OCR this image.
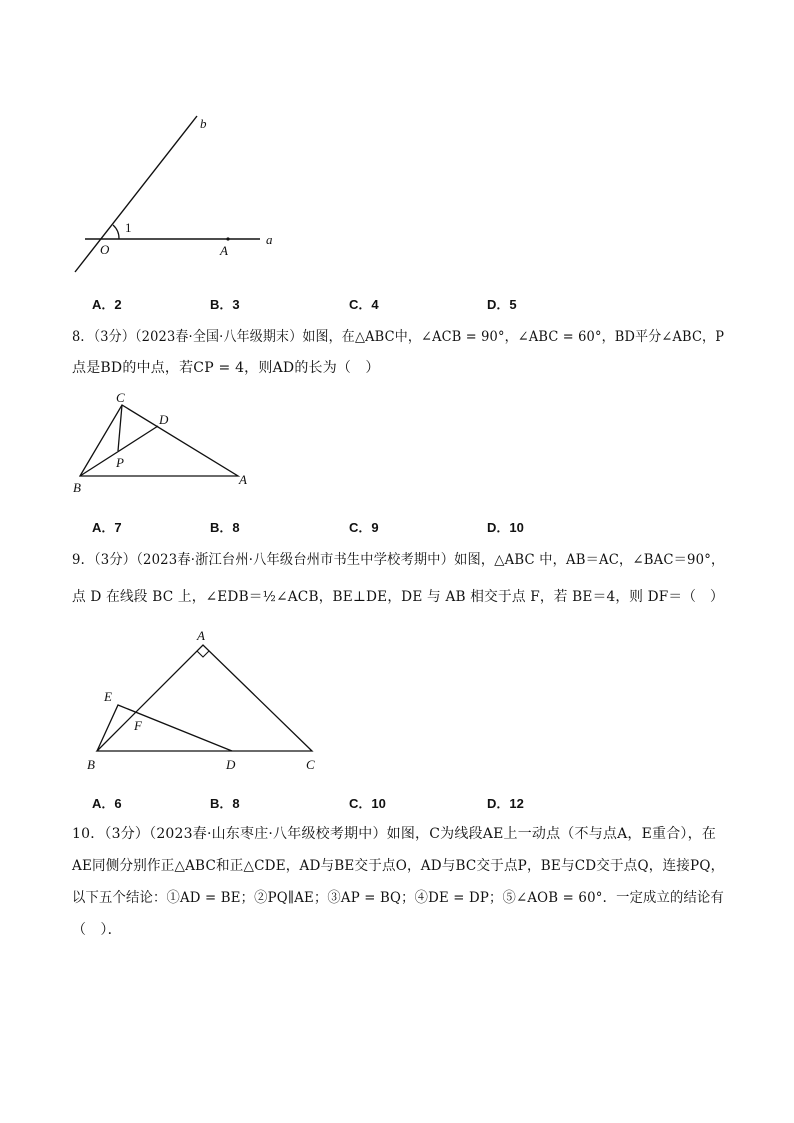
b
a
O	A
1
A．2	B．3	C．4	D．5
8．（3分）（2023春·全国·八年级期末）如图，在△ABC中，∠ACB = 90°，∠ABC = 60°，BD平分∠ABC，P
点是BD的中点，若CP = 4，则AD的长为（　）
C
D
P
B
A
A．7	B．8	C．9	D．10
9．（3分）（2023春·浙江台州·八年级台州市书生中学校考期中）如图，△ABC 中，AB＝AC，∠BAC＝90°，
点 D 在线段 BC 上，∠EDB＝½∠ACB，BE⊥DE，DE 与 AB 相交于点 F，若 BE＝4，则 DF＝（　）
A
E
F
B	D	C
A．6	B．8	C．10	D．12
10．（3分）（2023春·山东枣庄·八年级校考期中）如图，C为线段AE上一动点（不与点A，E重合），在
AE同侧分别作正△ABC和正△CDE，AD与BE交于点O，AD与BC交于点P，BE与CD交于点Q，连接PQ，
以下五个结论：①AD = BE；②PQ∥AE；③AP = BQ；④DE = DP；⑤∠AOB = 60°．一定成立的结论有
（　）．
